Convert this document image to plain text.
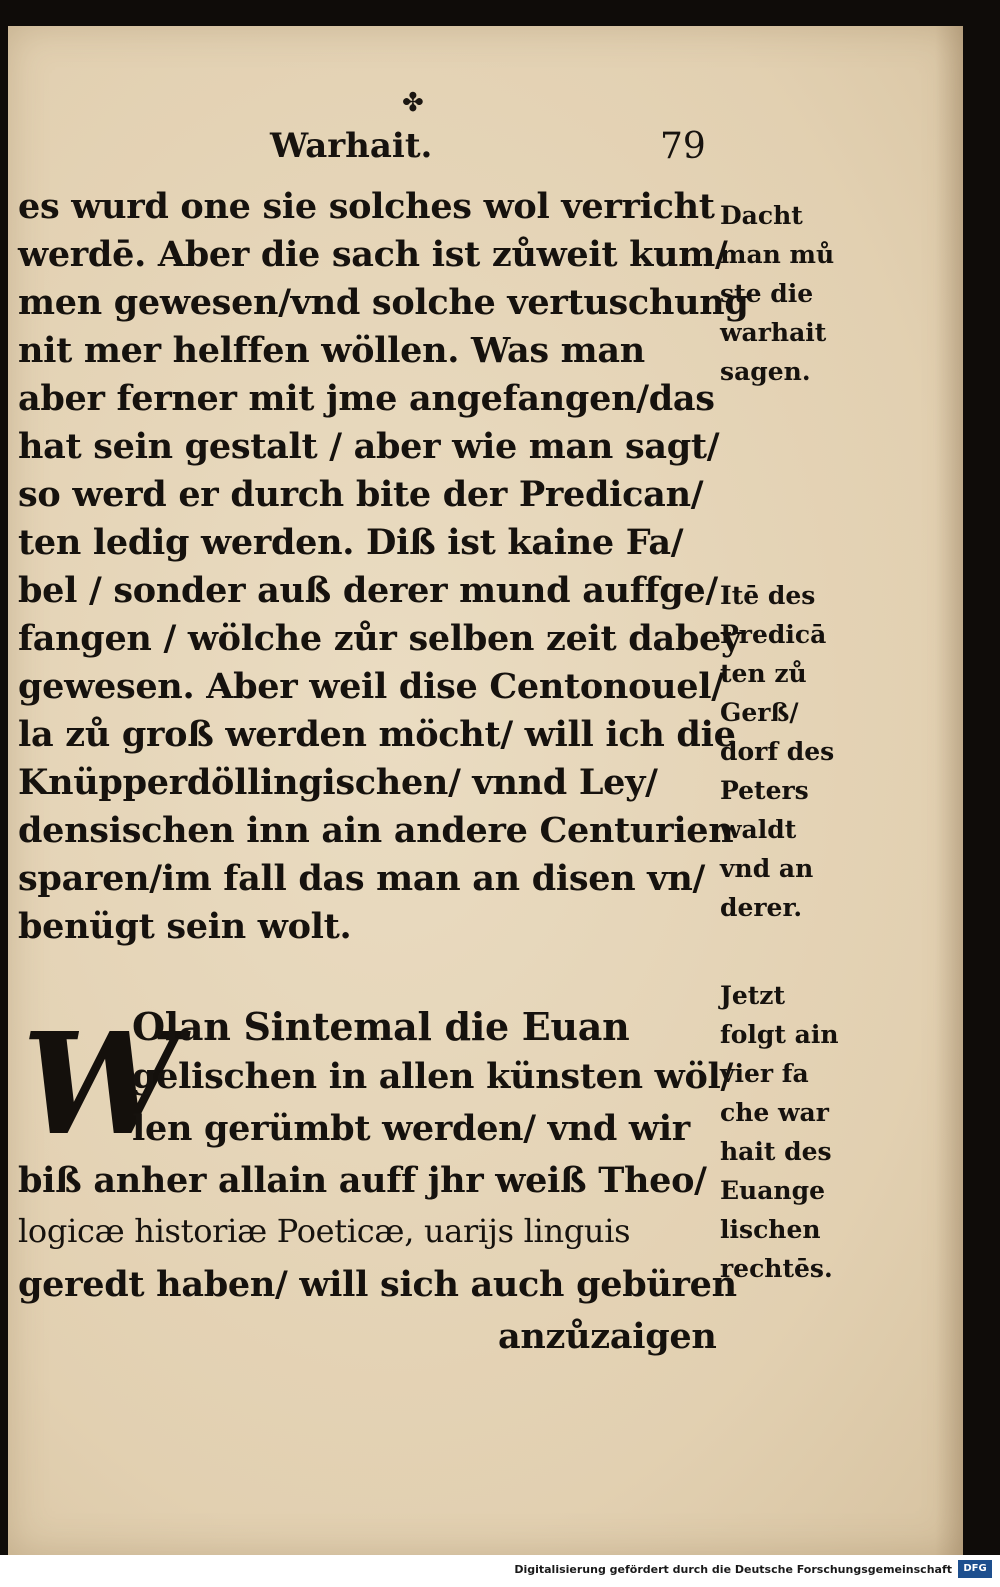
✤
Warhait.	79
es wurd one sie solches wol verricht
werdē. Aber die sach ist zůweit kum/
men gewesen/vnd solche vertuschung
nit mer helffen wöllen. Was man
aber ferner mit jme angefangen/das
hat sein gestalt / aber wie man sagt/
so werd er durch bite der Predican/
ten ledig werden. Diß ist kaine Fa/
bel / sonder auß derer mund auffge/
fangen / wölche zůr selben zeit dabey
gewesen. Aber weil dise Centonouel/
la zů groß werden möcht/ will ich die
Knüpperdöllingischen/ vnnd Ley/
densischen inn ain andere Centurien
sparen/im fall das man an disen vn/
benügt sein wolt.
W
Olan Sintemal die Euan
gelischen in allen künsten wöl/
len gerümbt werden/ vnd wir
biß anher allain auff jhr weiß Theo/
logicæ historiæ Poeticæ, uarijs linguis
geredt haben/ will sich auch gebüren
anzůzaigen
Dacht
man mů
ste die
warhait
sagen.
Itē des
Predicā
ten zů
Gerß/
dorf des
Peters
waldt
vnd an
derer.
Jetzt
folgt ain
vier fa
che war
hait des
Euange
lischen
rechtēs.
Digitalisierung gefördert durch die Deutsche Forschungsgemeinschaft	DFG
